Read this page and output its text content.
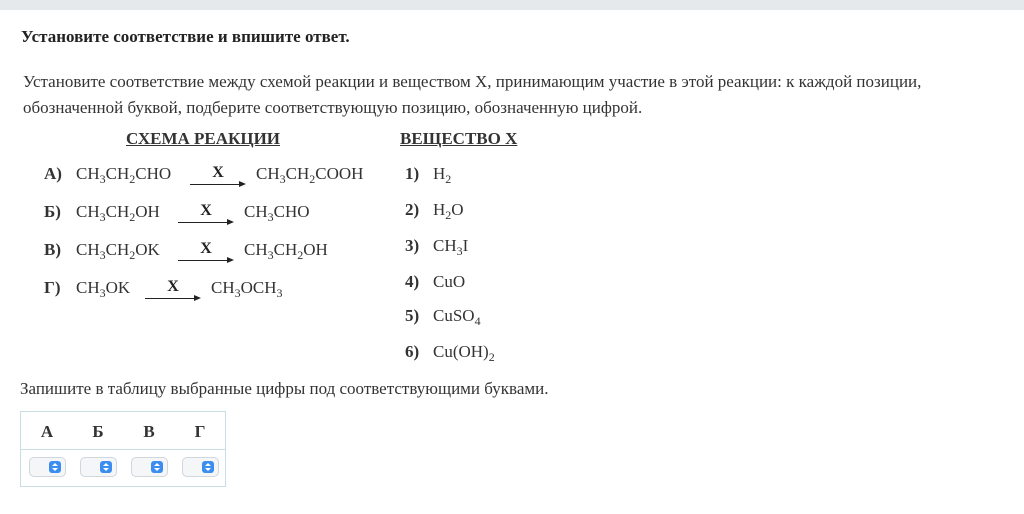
Установите соответствие и впишите ответ.
Установите соответствие между схемой реакции и веществом X, принимающим участие в этой реакции: к каждой позиции, обозначенной буквой, подберите соответствующую позицию, обозначенную цифрой.
СХЕМА РЕАКЦИИ	ВЕЩЕСТВО X
А) $CH_3CH_2CHO$	X	$CH_3CH_2COOH$
Б) $CH_3CH_2OH$	X	$CH_3CHO$
В) $CH_3CH_2OK$	X	$CH_3CH_2OH$
Г) $CH_3OK$	X	$CH_3OCH_3$
1) $H_2$
2) $H_2O$
3) $CH_3I$
4) CuO
5) CuSO$_4$
6) $Cu(OH)_2$
Запишите в таблицу выбранные цифры под соответствующими буквами.
А	Б	В	Г
